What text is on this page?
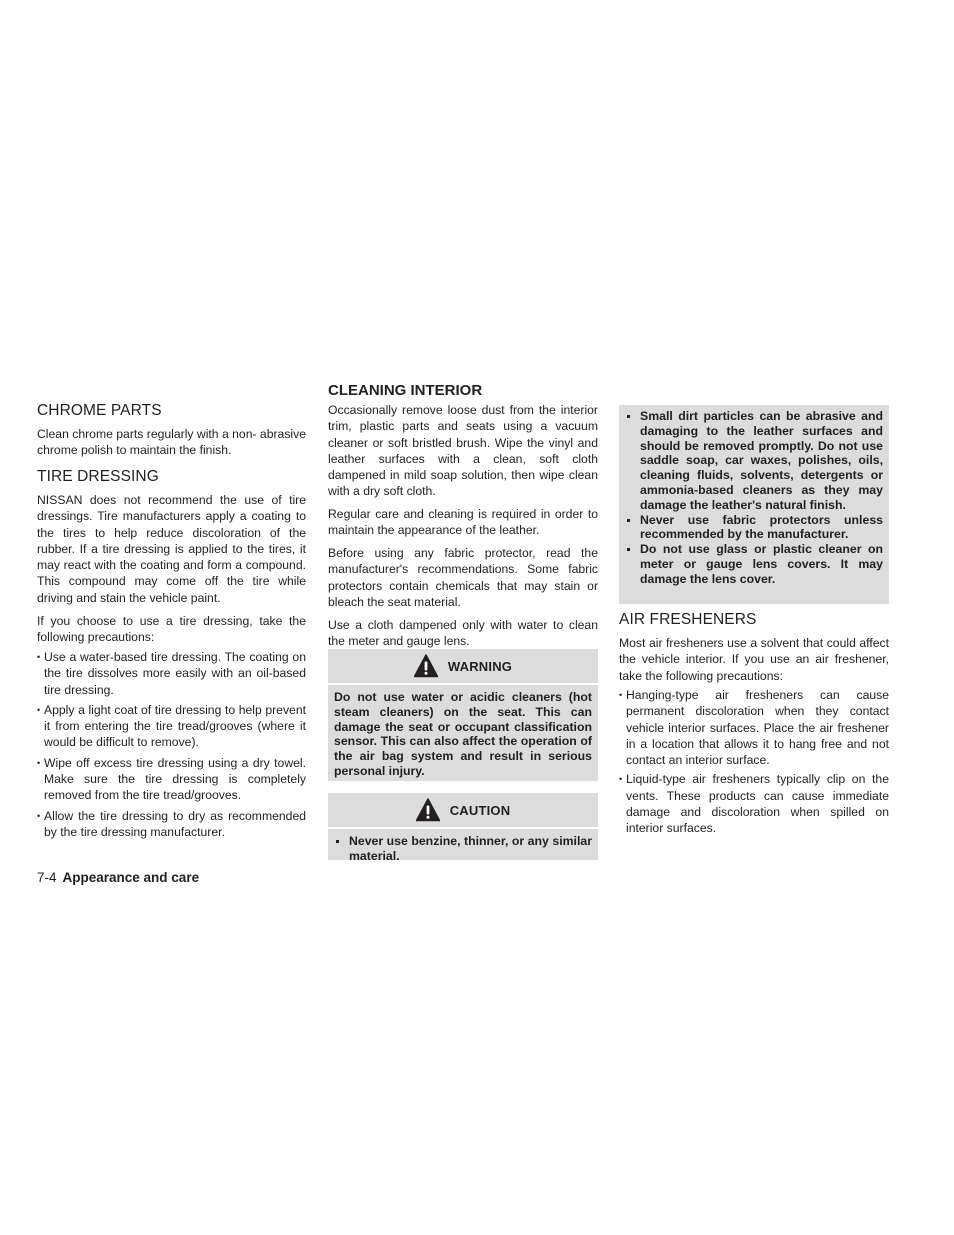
CHROME PARTS

Clean chrome parts regularly with a non- abrasive chrome polish to maintain the finish.

TIRE DRESSING

NISSAN does not recommend the use of tire dressings. Tire manufacturers apply a coating to the tires to help reduce discoloration of the rubber. If a tire dressing is applied to the tires, it may react with the coating and form a compound. This compound may come off the tire while driving and stain the vehicle paint.

If you choose to use a tire dressing, take the following precautions:

• Use a water-based tire dressing. The coating on the tire dissolves more easily with an oil-based tire dressing.
• Apply a light coat of tire dressing to help prevent it from entering the tire tread/grooves (where it would be difficult to remove).
• Wipe off excess tire dressing using a dry towel. Make sure the tire dressing is completely removed from the tire tread/grooves.
• Allow the tire dressing to dry as recommended by the tire dressing manufacturer.
CLEANING INTERIOR

Occasionally remove loose dust from the interior trim, plastic parts and seats using a vacuum cleaner or soft bristled brush. Wipe the vinyl and leather surfaces with a clean, soft cloth dampened in mild soap solution, then wipe clean with a dry soft cloth.

Regular care and cleaning is required in order to maintain the appearance of the leather.

Before using any fabric protector, read the manufacturer's recommendations. Some fabric protectors contain chemicals that may stain or bleach the seat material.

Use a cloth dampened only with water to clean the meter and gauge lens.

WARNING

Do not use water or acidic cleaners (hot steam cleaners) on the seat. This can damage the seat or occupant classification sensor. This can also affect the operation of the air bag system and result in serious personal injury.

CAUTION
Never use benzine, thinner, or any similar material.
Small dirt particles can be abrasive and damaging to the leather surfaces and should be removed promptly. Do not use saddle soap, car waxes, polishes, oils, cleaning fluids, solvents, detergents or ammonia-based cleaners as they may damage the leather's natural finish.
Never use fabric protectors unless recommended by the manufacturer.
Do not use glass or plastic cleaner on meter or gauge lens covers. It may damage the lens cover.
AIR FRESHENERS

Most air fresheners use a solvent that could affect the vehicle interior. If you use an air freshener, take the following precautions:

• Hanging-type air fresheners can cause permanent discoloration when they contact vehicle interior surfaces. Place the air freshener in a location that allows it to hang free and not contact an interior surface.
• Liquid-type air fresheners typically clip on the vents. These products can cause immediate damage and discoloration when spilled on interior surfaces.
7-4 Appearance and care
